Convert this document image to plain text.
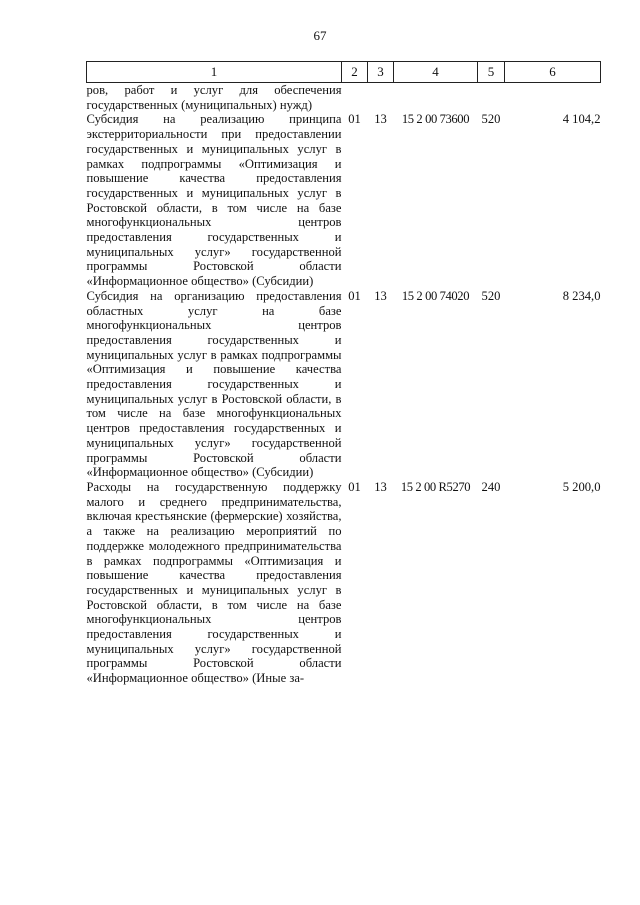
67
1	2	3	4	5	6
ров, работ и услуг для обеспечения государственных (муниципальных) нужд)					
Субсидия на реализацию принципа экстерриториальности при предоставлении государственных и муниципальных услуг в рамках подпрограммы «Оптимизация и повышение качества предоставления государственных и муниципальных услуг в Ростовской области, в том числе на базе многофункциональных центров предоставления государственных и муниципальных услуг» государственной программы Ростовской области «Информационное общество» (Субсидии)	01	13	15 2 00 73600	520	4 104,2
Субсидия на организацию предоставления областных услуг на базе многофункциональных центров предоставления государственных и муниципальных услуг в рамках подпрограммы «Оптимизация и повышение качества предоставления государственных и муниципальных услуг в Ростовской области, в том числе на базе многофункциональных центров предоставления государственных и муниципальных услуг» государственной программы Ростовской области «Информационное общество» (Субсидии)	01	13	15 2 00 74020	520	8 234,0
Расходы на государственную поддержку малого и среднего предпринимательства, включая крестьянские (фермерские) хозяйства, а также на реализацию мероприятий по поддержке молодежного предпринимательства в рамках подпрограммы «Оптимизация и повышение качества предоставления государственных и муниципальных услуг в Ростовской области, в том числе на базе многофункциональных центров предоставления государственных и муниципальных услуг» государственной программы Ростовской области «Информационное общество» (Иные за-	01	13	15 2 00 R5270	240	5 200,0
